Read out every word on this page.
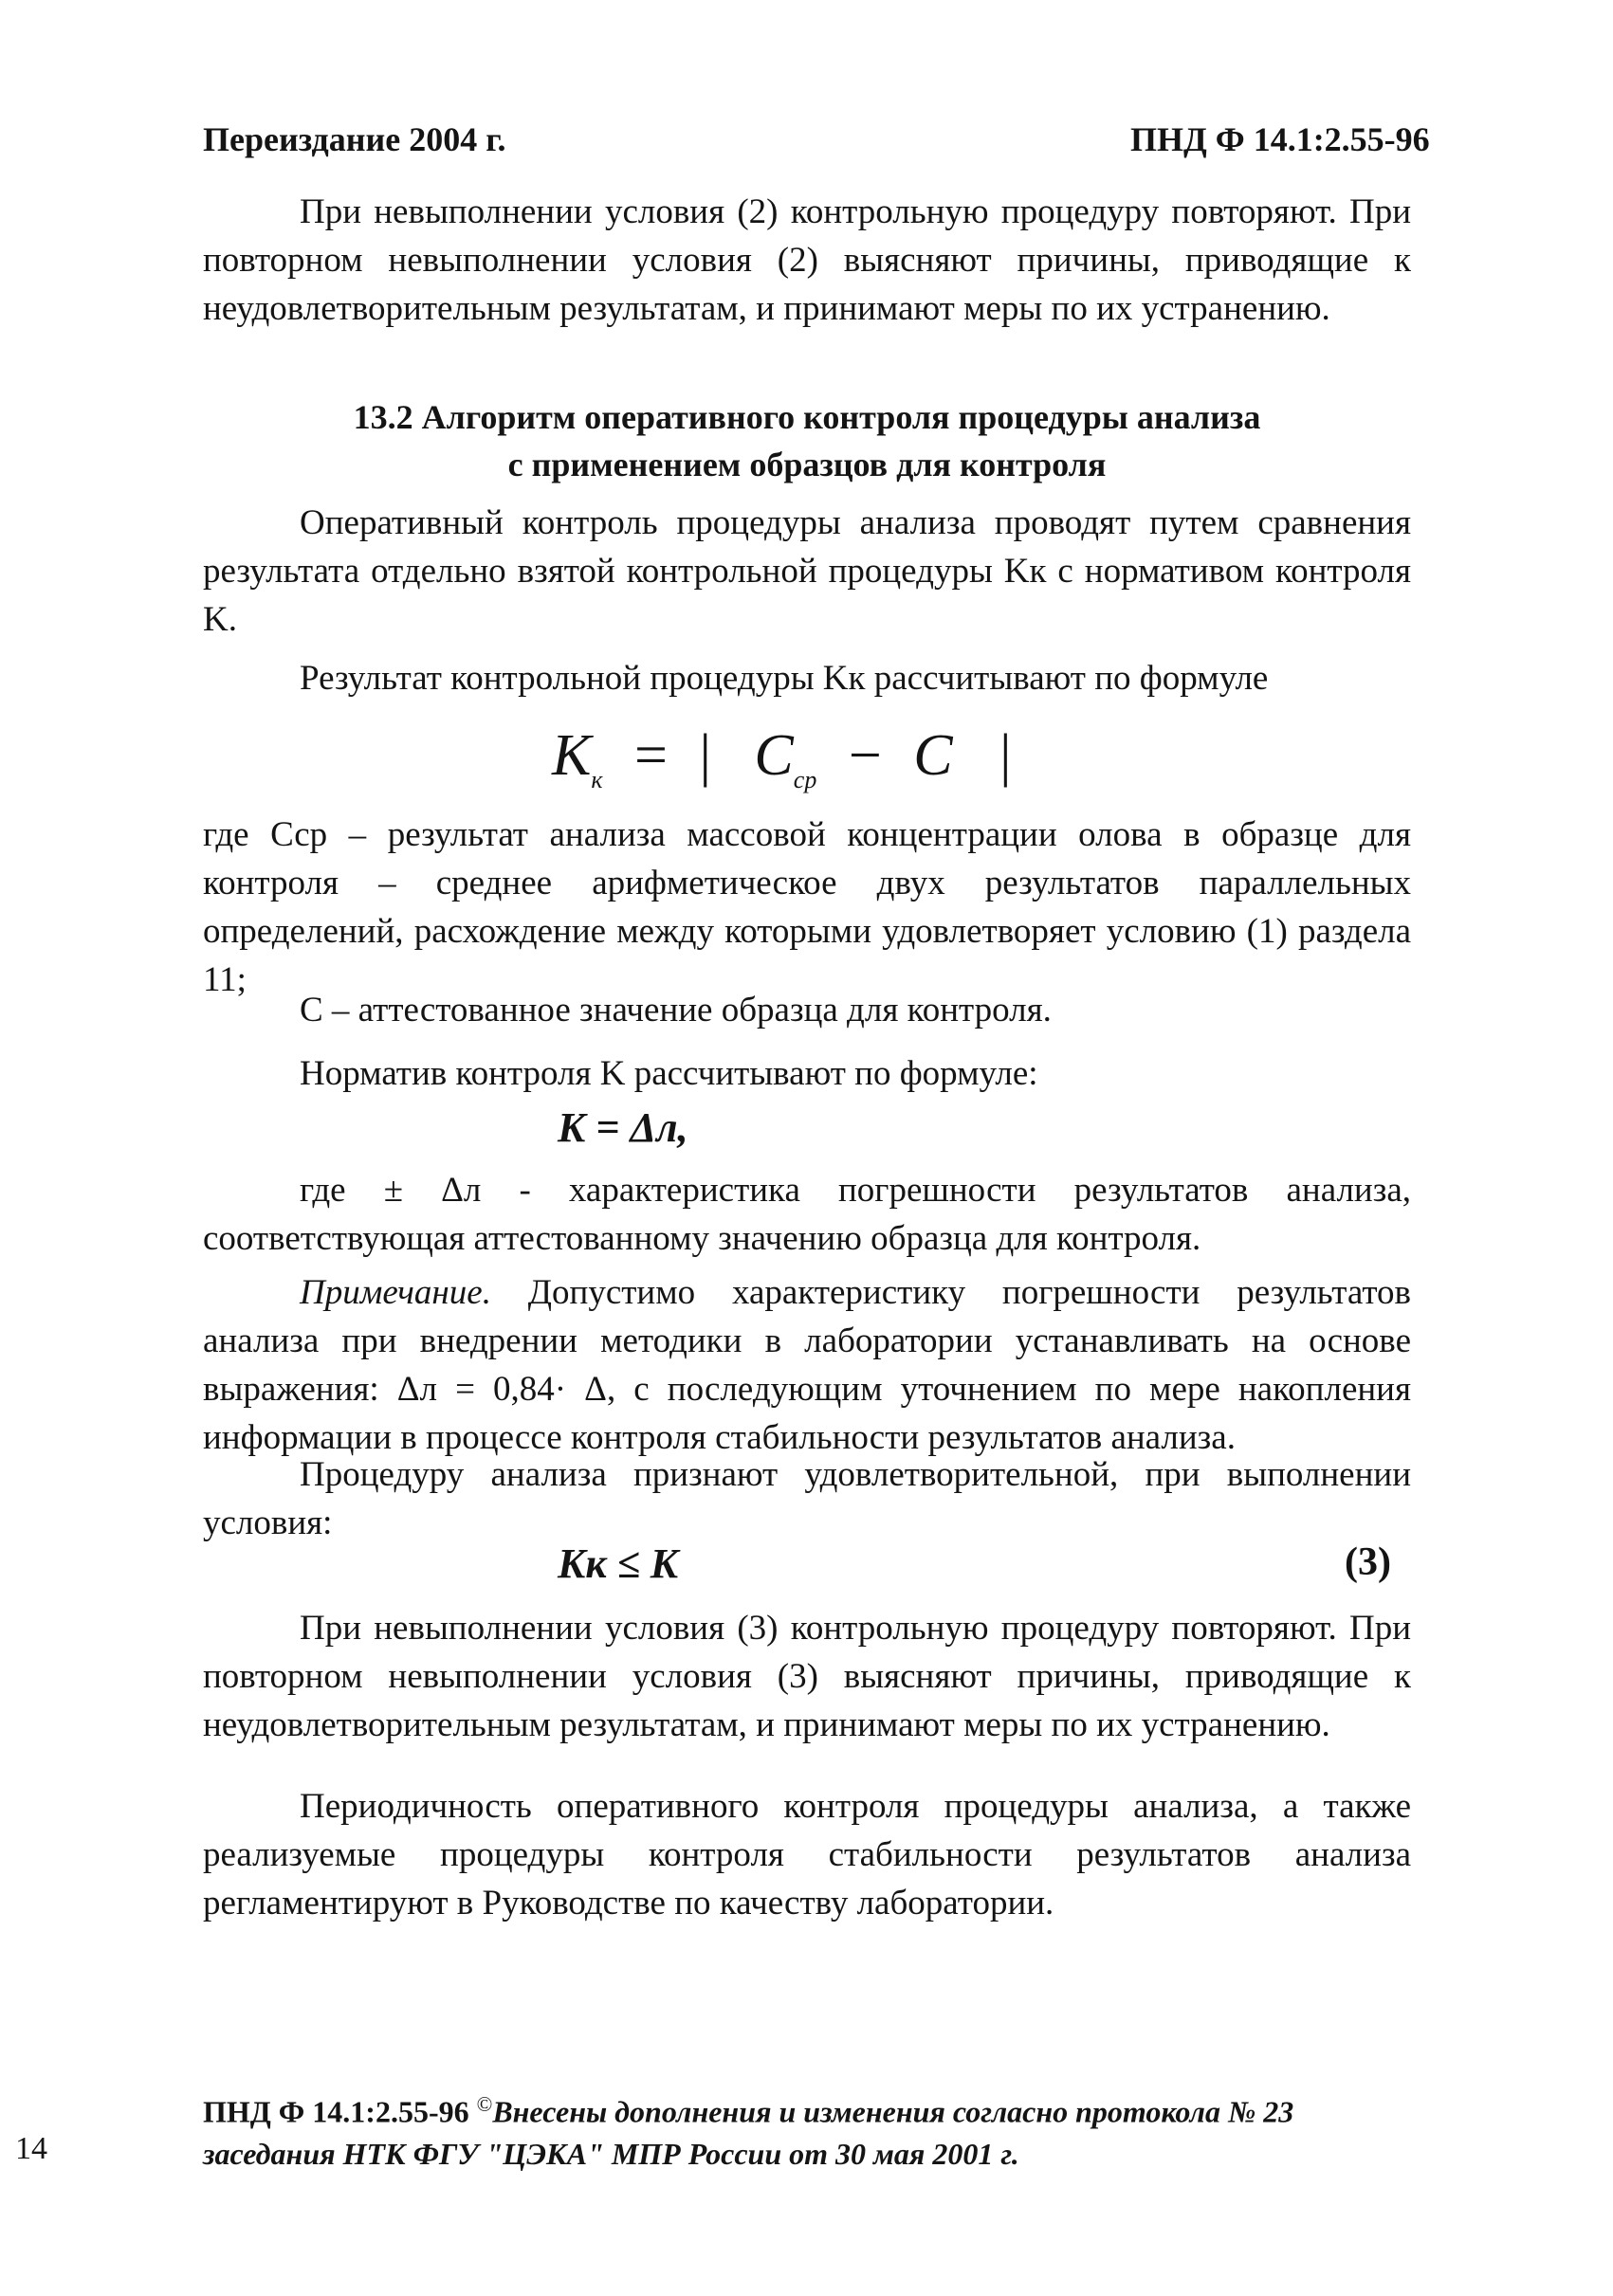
Переиздание 2004 г.	ПНД Ф 14.1:2.55-96

При невыполнении условия (2) контрольную процедуру повторяют. При повторном невыполнении условия (2) выясняют причины, приводящие к неудовлетворительным результатам, и принимают меры по их устранению.

13.2 Алгоритм оперативного контроля процедуры анализа
с применением образцов для контроля

Оперативный контроль процедуры анализа проводят путем сравнения результата отдельно взятой контрольной процедуры Kк с нормативом контроля K.

Результат контрольной процедуры Kк рассчитывают по формуле

$K_к$ = | $C_{ср} - C$ |

где Сср – результат анализа массовой концентрации олова в образце для контроля – среднее арифметическое двух результатов параллельных определений, расхождение между которыми удовлетворяет условию (1) раздела 11;

С – аттестованное значение образца для контроля.

Норматив контроля K рассчитывают по формуле:

K = Δл,

где ± Δл - характеристика погрешности результатов анализа, соответствующая аттестованному значению образца для контроля.

Примечание. Допустимо характеристику погрешности результатов анализа при внедрении методики в лаборатории устанавливать на основе выражения: Δл = 0,84· Δ, с последующим уточнением по мере накопления информации в процессе контроля стабильности результатов анализа.

Процедуру анализа признают удовлетворительной, при выполнении условия:

Kк ≤ K	(3)

При невыполнении условия (3) контрольную процедуру повторяют. При повторном невыполнении условия (3) выясняют причины, приводящие к неудовлетворительным результатам, и принимают меры по их устранению.

Периодичность оперативного контроля процедуры анализа, а также реализуемые процедуры контроля стабильности результатов анализа регламентируют в Руководстве по качеству лаборатории.

ПНД Ф 14.1:2.55-96 ©Внесены дополнения и изменения согласно протокола № 23 заседания НТК ФГУ "ЦЭКА" МПР России от 30 мая 2001 г.
14
